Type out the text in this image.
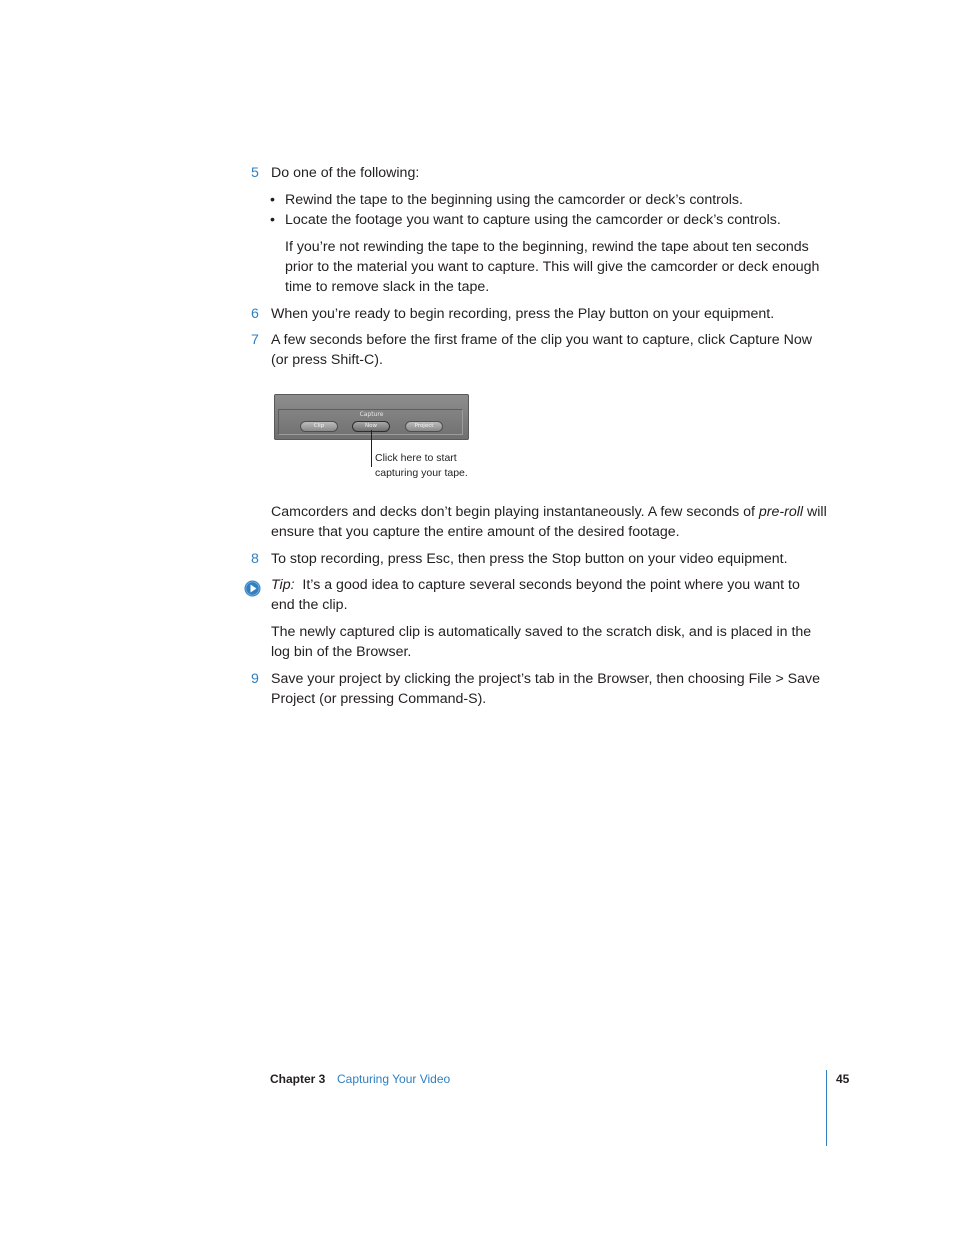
5 Do one of the following:
• Rewind the tape to the beginning using the camcorder or deck’s controls.
• Locate the footage you want to capture using the camcorder or deck’s controls.
If you’re not rewinding the tape to the beginning, rewind the tape about ten seconds prior to the material you want to capture. This will give the camcorder or deck enough time to remove slack in the tape.
6 When you’re ready to begin recording, press the Play button on your equipment.
7 A few seconds before the first frame of the clip you want to capture, click Capture Now (or press Shift-C).
Capture
Clip	Now	Project
Click here to start
capturing your tape.
Camcorders and decks don’t begin playing instantaneously. A few seconds of pre-roll will ensure that you capture the entire amount of the desired footage.
8 To stop recording, press Esc, then press the Stop button on your video equipment.
Tip:  It’s a good idea to capture several seconds beyond the point where you want to end the clip.
The newly captured clip is automatically saved to the scratch disk, and is placed in the log bin of the Browser.
9 Save your project by clicking the project’s tab in the Browser, then choosing File > Save Project (or pressing Command-S).
Chapter 3 Capturing Your Video	45
